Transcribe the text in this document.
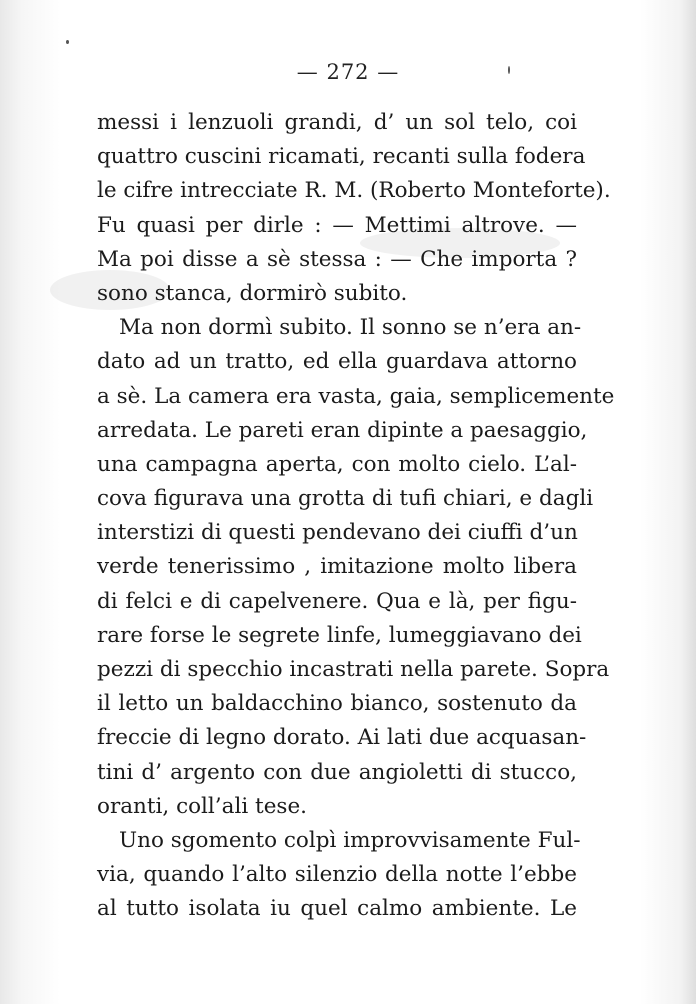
— 272 —
messi i lenzuoli grandi, d’ un sol telo, coi
quattro cuscini ricamati, recanti sulla fodera
le cifre intrecciate R. M. (Roberto Monteforte).
Fu quasi per dirle : — Mettimi altrove. —
Ma poi disse a sè stessa : — Che importa ?
sono stanca, dormirò subito.
Ma non dormì subito. Il sonno se n’era an-
dato ad un tratto, ed ella guardava attorno
a sè. La camera era vasta, gaia, semplicemente
arredata. Le pareti eran dipinte a paesaggio,
una campagna aperta, con molto cielo. L’al-
cova figurava una grotta di tufi chiari, e dagli
interstizi di questi pendevano dei ciuffi d’un
verde tenerissimo , imitazione molto libera
di felci e di capelvenere. Qua e là, per figu-
rare forse le segrete linfe, lumeggiavano dei
pezzi di specchio incastrati nella parete. Sopra
il letto un baldacchino bianco, sostenuto da
freccie di legno dorato. Ai lati due acquasan-
tini d’ argento con due angioletti di stucco,
oranti, coll’ali tese.
Uno sgomento colpì improvvisamente Ful-
via, quando l’alto silenzio della notte l’ebbe
al tutto isolata iu quel calmo ambiente. Le
